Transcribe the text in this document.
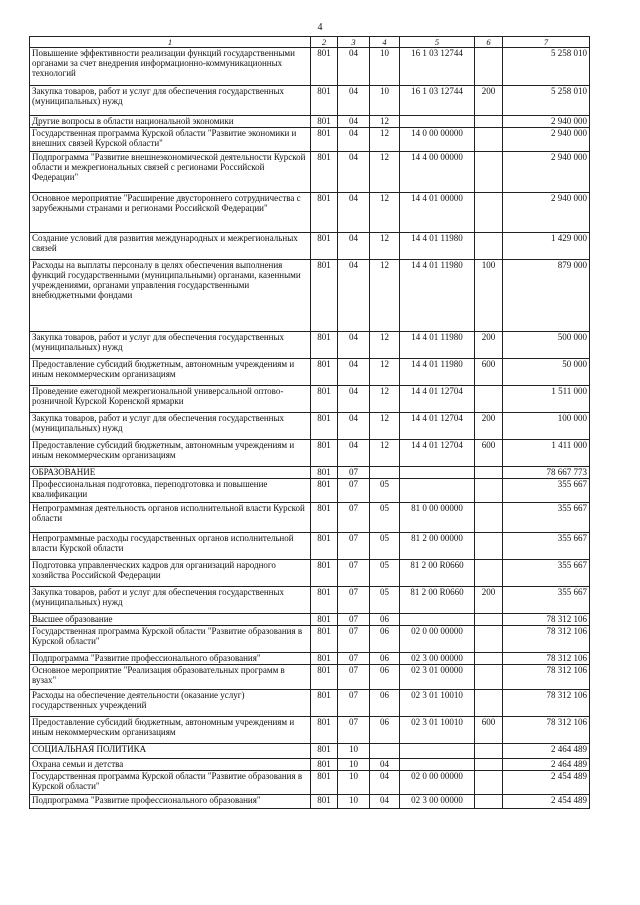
4
1	2	3	4	5	6	7
Повышение эффективности реализации функций государственными органами за счет внедрения информационно-коммуникационных технологий	801	04	10	16 1 03 12744		5 258 010
Закупка товаров, работ и услуг для обеспечения государственных (муниципальных) нужд	801	04	10	16 1 03 12744	200	5 258 010
Другие вопросы в области национальной экономики	801	04	12			2 940 000
Государственная программа Курской области "Развитие экономики и внешних связей Курской области"	801	04	12	14 0 00 00000		2 940 000
Подпрограмма "Развитие внешнеэкономической деятельности Курской области и межрегиональных связей с регионами Российской Федерации"	801	04	12	14 4 00 00000		2 940 000
Основное мероприятие "Расширение двустороннего сотрудничества с зарубежными странами и регионами Российской Федерации"	801	04	12	14 4 01 00000		2 940 000
Создание условий для развития международных и межрегиональных связей	801	04	12	14 4 01 11980		1 429 000
Расходы на выплаты персоналу в целях обеспечения выполнения функций государственными (муниципальными) органами, казенными учреждениями, органами управления государственными внебюджетными фондами	801	04	12	14 4 01 11980	100	879 000
Закупка товаров, работ и услуг для обеспечения государственных (муниципальных) нужд	801	04	12	14 4 01 11980	200	500 000
Предоставление субсидий бюджетным, автономным учреждениям и иным некоммерческим организациям	801	04	12	14 4 01 11980	600	50 000
Проведение ежегодной межрегиональной универсальной оптово-розничной Курской Коренской ярмарки	801	04	12	14 4 01 12704		1 511 000
Закупка товаров, работ и услуг для обеспечения государственных (муниципальных) нужд	801	04	12	14 4 01 12704	200	100 000
Предоставление субсидий бюджетным, автономным учреждениям и иным некоммерческим организациям	801	04	12	14 4 01 12704	600	1 411 000
ОБРАЗОВАНИЕ	801	07				78 667 773
Профессиональная подготовка, переподготовка и повышение квалификации	801	07	05			355 667
Непрограммная деятельность органов исполнительной власти Курской области	801	07	05	81 0 00 00000		355 667
Непрограммные расходы государственных органов исполнительной власти Курской области	801	07	05	81 2 00 00000		355 667
Подготовка управленческих кадров для организаций народного хозяйства Российской Федерации	801	07	05	81 2 00 R0660		355 667
Закупка товаров, работ и услуг для обеспечения государственных (муниципальных) нужд	801	07	05	81 2 00 R0660	200	355 667
Высшее образование	801	07	06			78 312 106
Государственная программа Курской области "Развитие образования в Курской области"	801	07	06	02 0 00 00000		78 312 106
Подпрограмма "Развитие профессионального образования"	801	07	06	02 3 00 00000		78 312 106
Основное мероприятие "Реализация образовательных программ в вузах"	801	07	06	02 3 01 00000		78 312 106
Расходы на обеспечение деятельности (оказание услуг) государственных учреждений	801	07	06	02 3 01 10010		78 312 106
Предоставление субсидий бюджетным, автономным учреждениям и иным некоммерческим организациям	801	07	06	02 3 01 10010	600	78 312 106
СОЦИАЛЬНАЯ ПОЛИТИКА	801	10				2 464 489
Охрана семьи и детства	801	10	04			2 464 489
Государственная программа Курской области "Развитие образования в Курской области"	801	10	04	02 0 00 00000		2 454 489
Подпрограмма "Развитие профессионального образования"	801	10	04	02 3 00 00000		2 454 489
